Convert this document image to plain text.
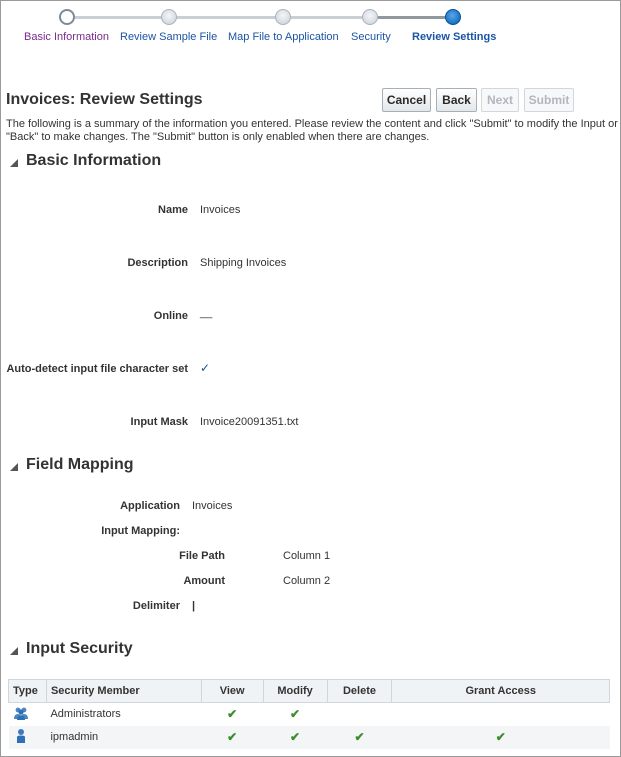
Basic Information Review Sample File Map File to Application Security Review Settings
Invoices: Review Settings	Cancel	Back	Next	Submit
The following is a summary of the information you entered. Please review the content and click "Submit" to modify the Input or "Back" to make changes. The "Submit" button is only enabled when there are changes.
Basic Information
Name Invoices
Description Shipping Invoices
Online __
Auto-detect input file character set ✓
Input Mask Invoice20091351.txt
Field Mapping
Application Invoices
Input Mapping:
File Path	Column 1
Amount	Column 2
Delimiter |
Input Security
Type	Security Member	View	Modify	Delete	Grant Access
	Administrators	✔	✔		
	ipmadmin	✔	✔	✔	✔
